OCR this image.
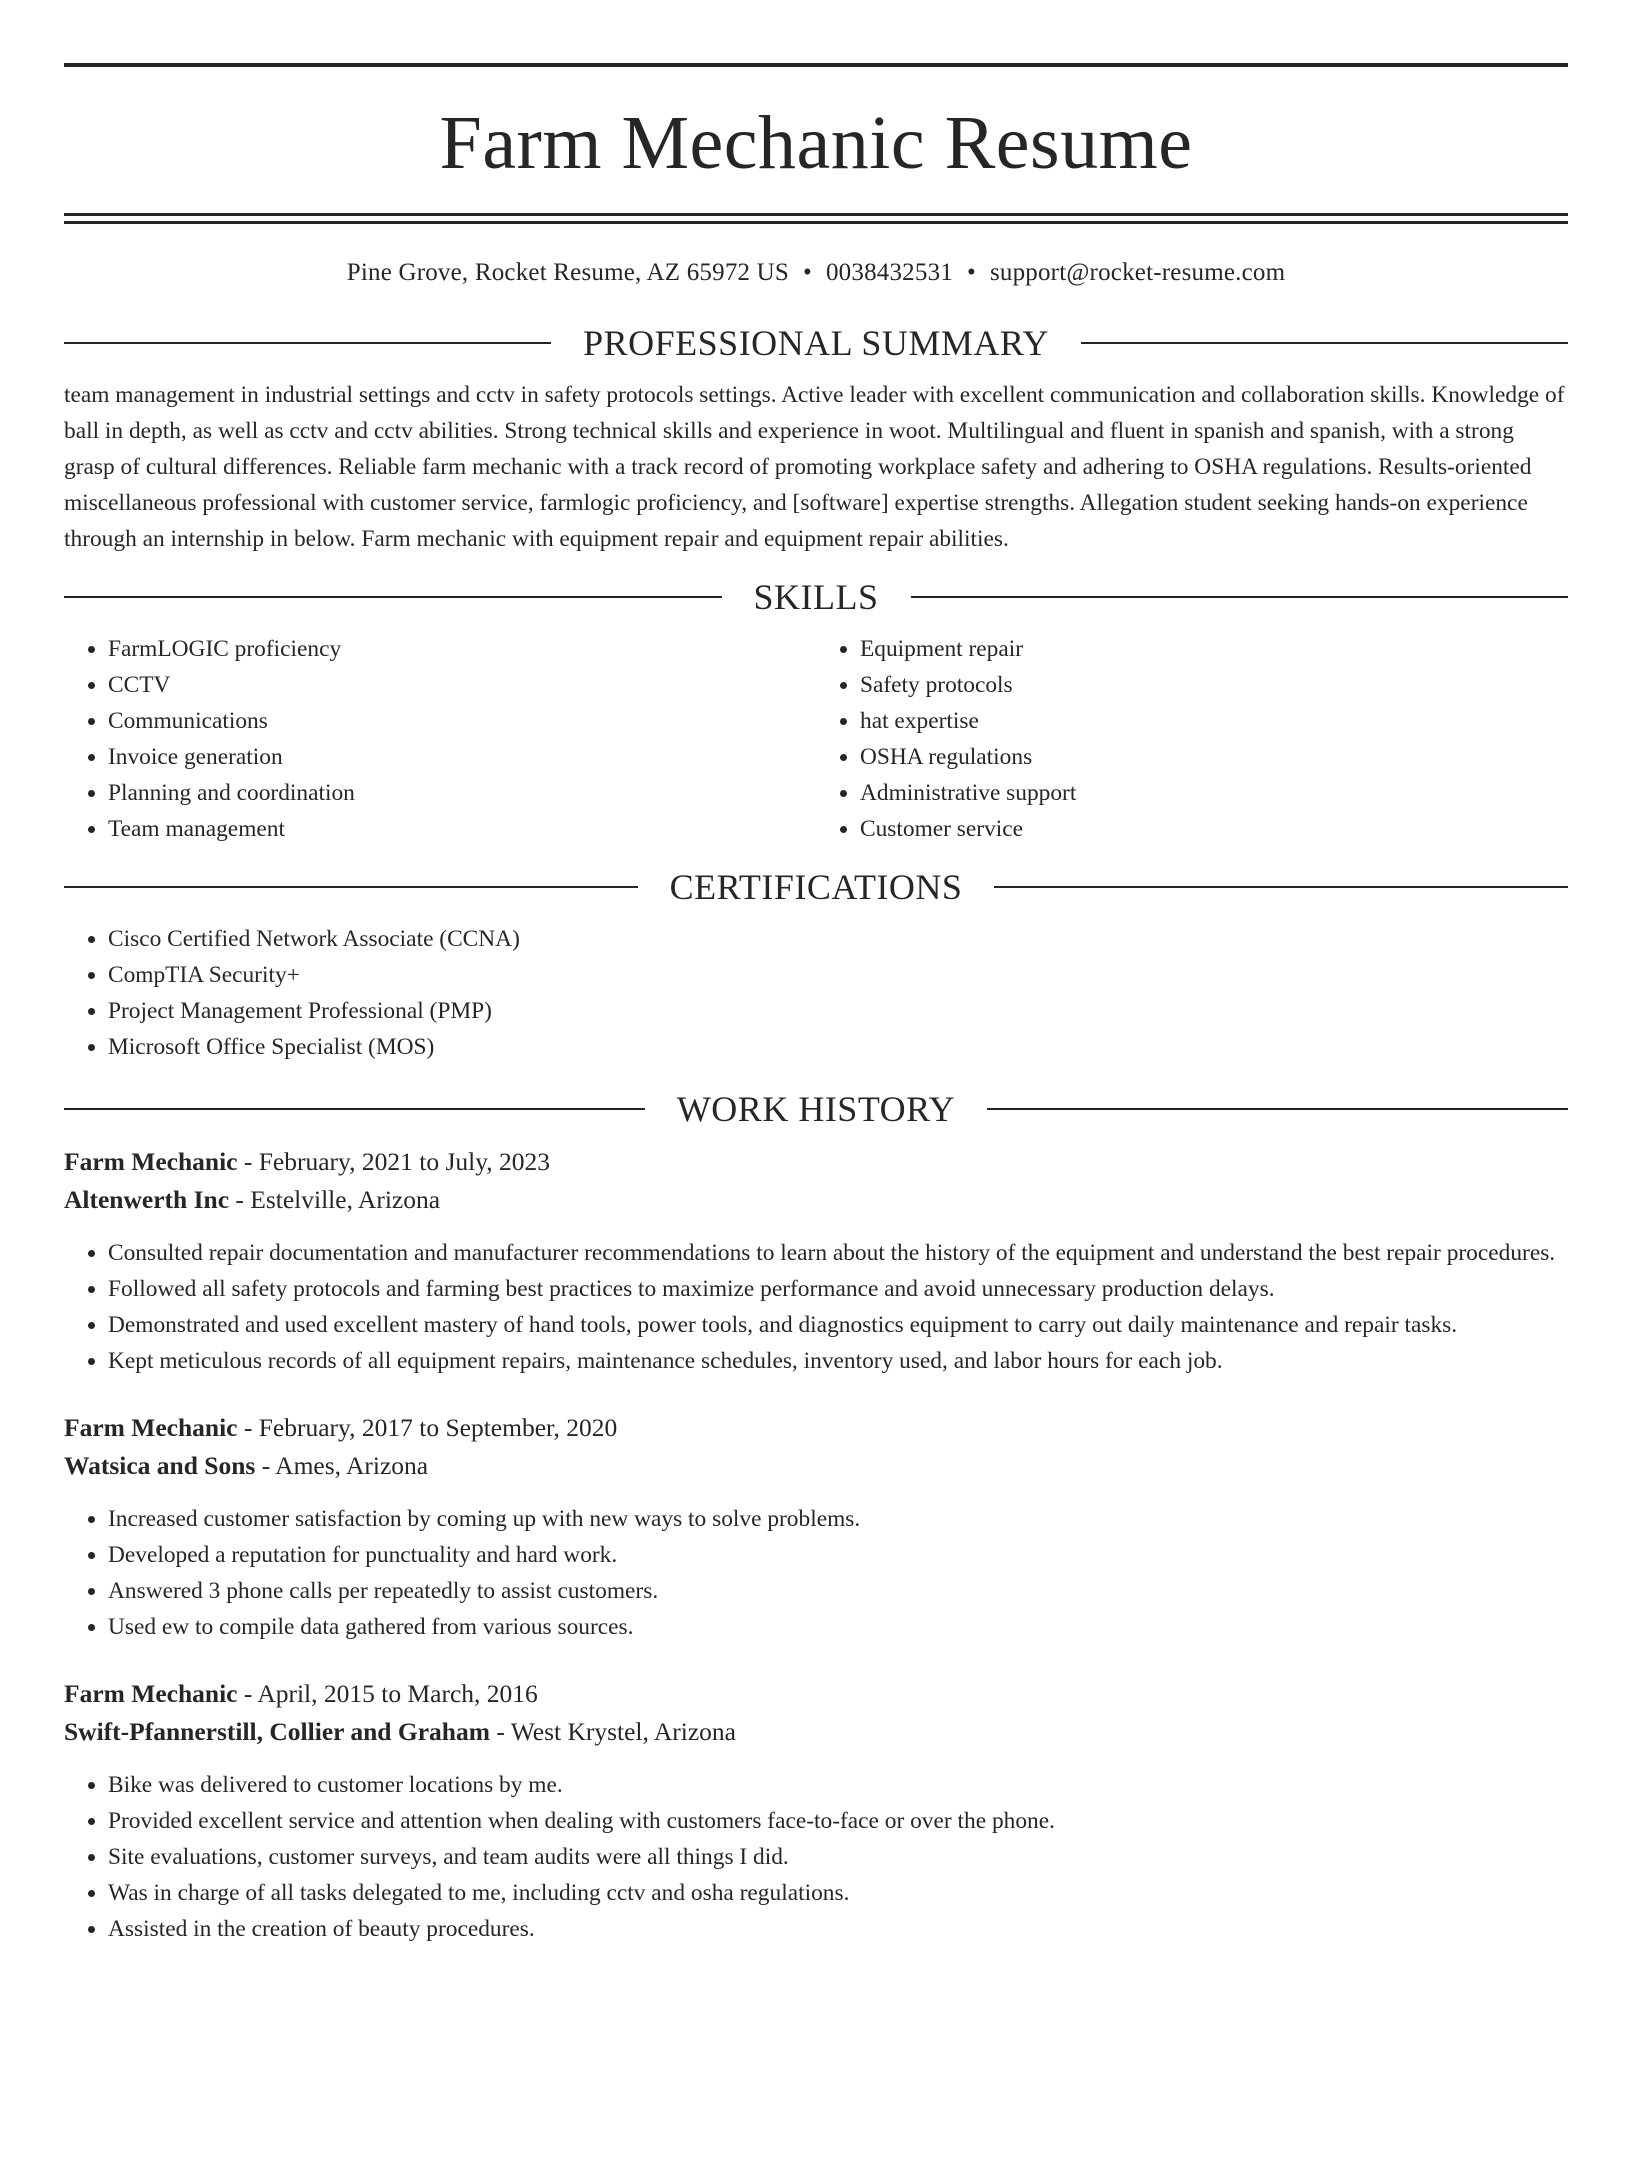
Farm Mechanic Resume
Pine Grove, Rocket Resume, AZ 65972 US • 0038432531 • support@rocket-resume.com
PROFESSIONAL SUMMARY
team management in industrial settings and cctv in safety protocols settings. Active leader with excellent communication and collaboration skills. Knowledge of ball in depth, as well as cctv and cctv abilities. Strong technical skills and experience in woot. Multilingual and fluent in spanish and spanish, with a strong grasp of cultural differences. Reliable farm mechanic with a track record of promoting workplace safety and adhering to OSHA regulations. Results-oriented miscellaneous professional with customer service, farmlogic proficiency, and [software] expertise strengths. Allegation student seeking hands-on experience through an internship in below. Farm mechanic with equipment repair and equipment repair abilities.
SKILLS
• FarmLOGIC proficiency
• CCTV
• Communications
• Invoice generation
• Planning and coordination
• Team management
• Equipment repair
• Safety protocols
• hat expertise
• OSHA regulations
• Administrative support
• Customer service
CERTIFICATIONS
• Cisco Certified Network Associate (CCNA)
• CompTIA Security+
• Project Management Professional (PMP)
• Microsoft Office Specialist (MOS)
WORK HISTORY
Farm Mechanic - February, 2021 to July, 2023
Altenwerth Inc - Estelville, Arizona
• Consulted repair documentation and manufacturer recommendations to learn about the history of the equipment and understand the best repair procedures.
• Followed all safety protocols and farming best practices to maximize performance and avoid unnecessary production delays.
• Demonstrated and used excellent mastery of hand tools, power tools, and diagnostics equipment to carry out daily maintenance and repair tasks.
• Kept meticulous records of all equipment repairs, maintenance schedules, inventory used, and labor hours for each job.
Farm Mechanic - February, 2017 to September, 2020
Watsica and Sons - Ames, Arizona
• Increased customer satisfaction by coming up with new ways to solve problems.
• Developed a reputation for punctuality and hard work.
• Answered 3 phone calls per repeatedly to assist customers.
• Used ew to compile data gathered from various sources.
Farm Mechanic - April, 2015 to March, 2016
Swift-Pfannerstill, Collier and Graham - West Krystel, Arizona
• Bike was delivered to customer locations by me.
• Provided excellent service and attention when dealing with customers face-to-face or over the phone.
• Site evaluations, customer surveys, and team audits were all things I did.
• Was in charge of all tasks delegated to me, including cctv and osha regulations.
• Assisted in the creation of beauty procedures.
